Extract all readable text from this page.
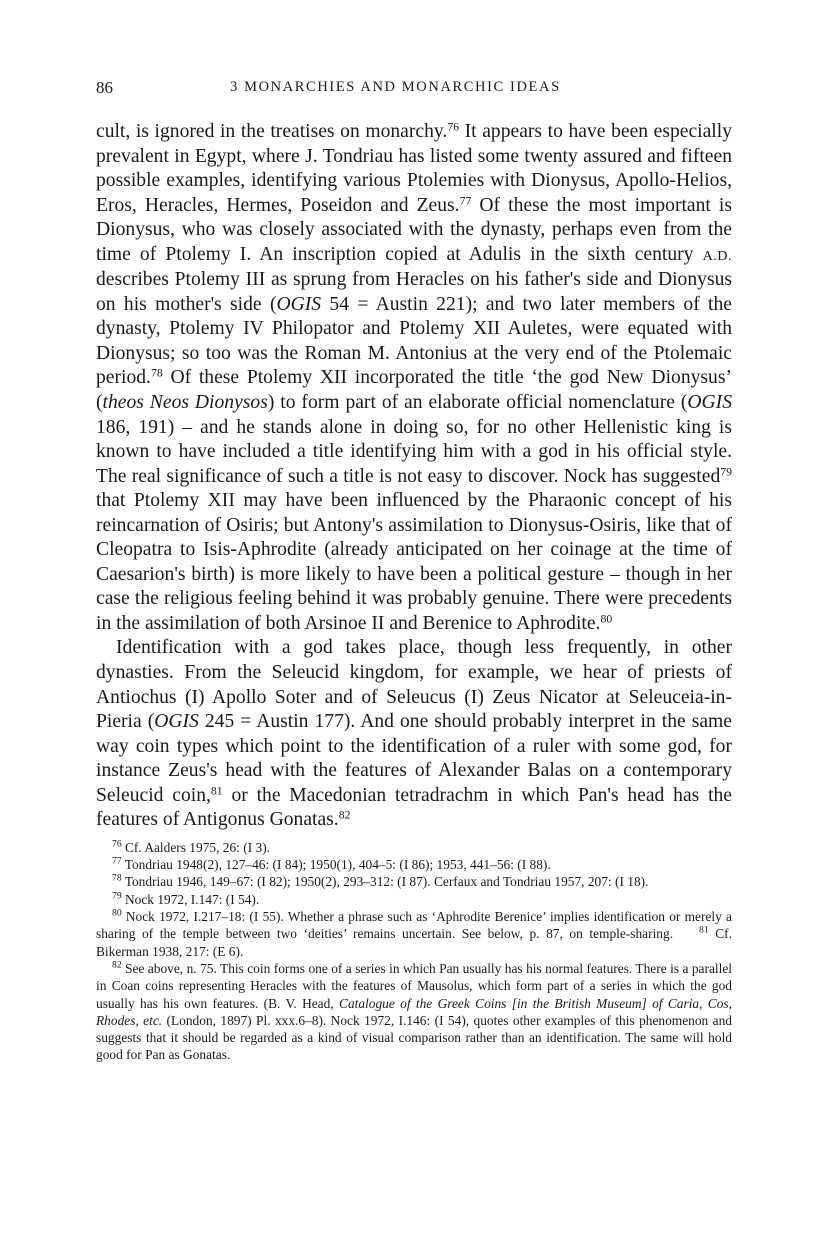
86	3 MONARCHIES AND MONARCHIC IDEAS

cult, is ignored in the treatises on monarchy.$^{76}$ It appears to have been especially prevalent in Egypt, where J. Tondriau has listed some twenty assured and fifteen possible examples, identifying various Ptolemies with Dionysus, Apollo-Helios, Eros, Heracles, Hermes, Poseidon and Zeus.$^{77}$ Of these the most important is Dionysus, who was closely associated with the dynasty, perhaps even from the time of Ptolemy I. An inscription copied at Adulis in the sixth century A.D. describes Ptolemy III as sprung from Heracles on his father's side and Dionysus on his mother's side (OGIS 54 = Austin 221); and two later members of the dynasty, Ptolemy IV Philopator and Ptolemy XII Auletes, were equated with Dionysus; so too was the Roman M. Antonius at the very end of the Ptolemaic period.$^{78}$ Of these Ptolemy XII incorporated the title ‘the god New Dionysus’ (theos Neos Dionysos) to form part of an elaborate official nomenclature (OGIS 186, 191) – and he stands alone in doing so, for no other Hellenistic king is known to have included a title identifying him with a god in his official style. The real significance of such a title is not easy to discover. Nock has suggested$^{79}$ that Ptolemy XII may have been influenced by the Pharaonic concept of his reincarnation of Osiris; but Antony's assimilation to Dionysus-Osiris, like that of Cleopatra to Isis-Aphrodite (already anticipated on her coinage at the time of Caesarion's birth) is more likely to have been a political gesture – though in her case the religious feeling behind it was probably genuine. There were precedents in the assimilation of both Arsinoe II and Berenice to Aphrodite.$^{80}$

Identification with a god takes place, though less frequently, in other dynasties. From the Seleucid kingdom, for example, we hear of priests of Antiochus (I) Apollo Soter and of Seleucus (I) Zeus Nicator at Seleuceia-in-Pieria (OGIS 245 = Austin 177). And one should probably interpret in the same way coin types which point to the identification of a ruler with some god, for instance Zeus's head with the features of Alexander Balas on a contemporary Seleucid coin,$^{81}$ or the Macedonian tetradrachm in which Pan's head has the features of Antigonus Gonatas.$^{82}$

$^{76}$ Cf. Aalders 1975, 26: (I 3).

$^{77}$ Tondriau 1948(2), 127–46: (I 84); 1950(1), 404–5: (I 86); 1953, 441–56: (I 88).

$^{78}$ Tondriau 1946, 149–67: (I 82); 1950(2), 293–312: (I 87). Cerfaux and Tondriau 1957, 207: (I 18).

$^{79}$ Nock 1972, I.147: (I 54).

$^{80}$ Nock 1972, I.217–18: (I 55). Whether a phrase such as ‘Aphrodite Berenice’ implies identification or merely a sharing of the temple between two ‘deities’ remains uncertain. See below, p. 87, on temple-sharing.	$^{81}$ Cf. Bikerman 1938, 217: (E 6).

$^{82}$ See above, n. 75. This coin forms one of a series in which Pan usually has his normal features. There is a parallel in Coan coins representing Heracles with the features of Mausolus, which form part of a series in which the god usually has his own features. (B. V. Head, Catalogue of the Greek Coins [in the British Museum] of Caria, Cos, Rhodes, etc. (London, 1897) Pl. xxx.6–8). Nock 1972, I.146: (I 54), quotes other examples of this phenomenon and suggests that it should be regarded as a kind of visual comparison rather than an identification. The same will hold good for Pan as Gonatas.
